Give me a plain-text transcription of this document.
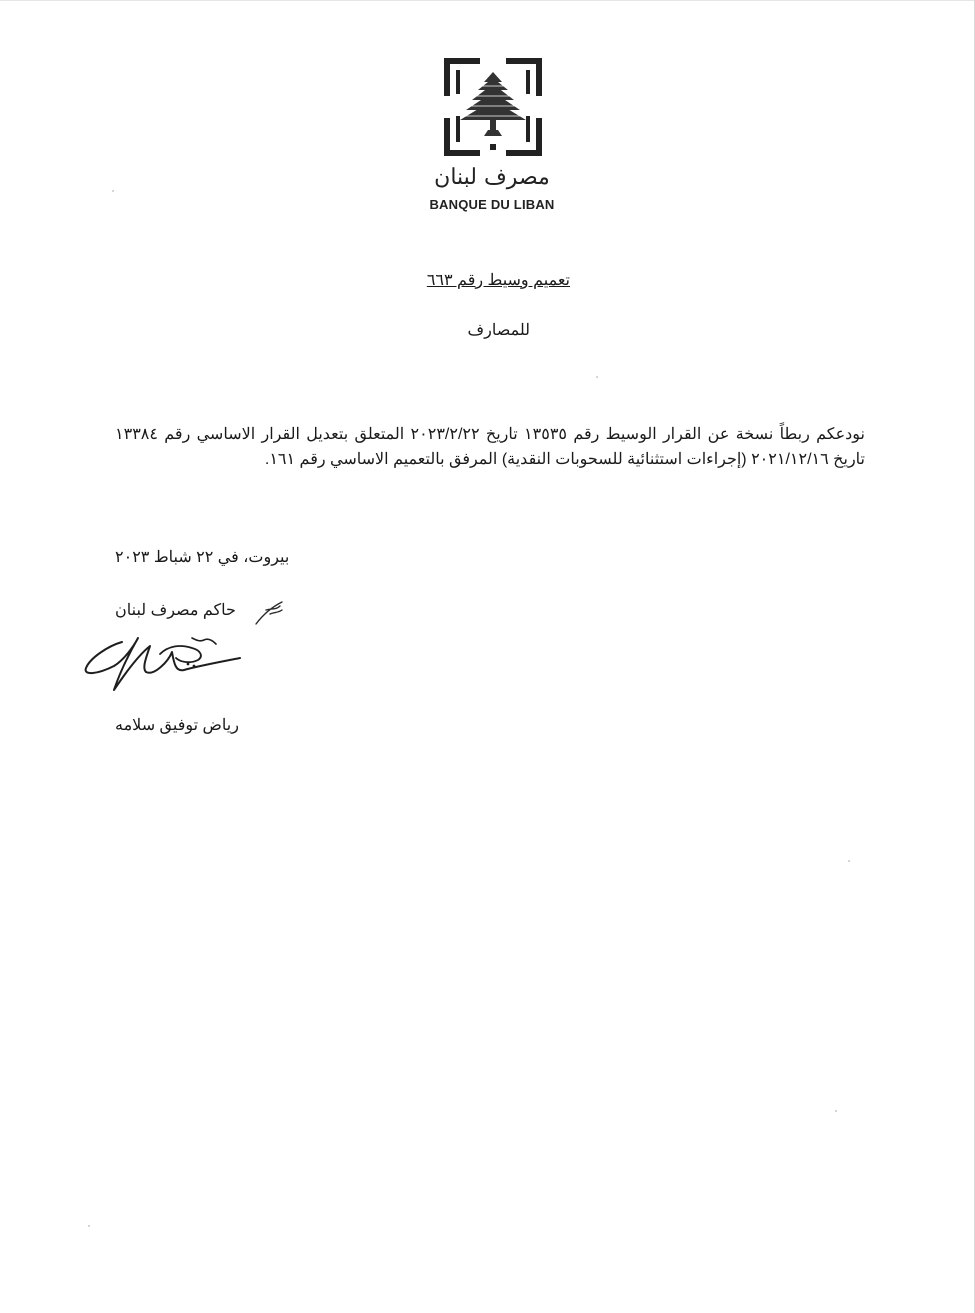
مصرف لبنان
BANQUE DU LIBAN
تعميم وسيط رقم ٦٦٣
للمصارف
نودعكم ربطاً نسخة عن القرار الوسيط رقم ١٣٥٣٥ تاريخ ٢٠٢٣/٢/٢٢ المتعلق بتعديل القرار الاساسي رقم ١٣٣٨٤ تاريخ ٢٠٢١/١٢/١٦ (إجراءات استثنائية للسحوبات النقدية) المرفق بالتعميم الاساسي رقم ١٦١.
بيروت، في ٢٢ شباط ٢٠٢٣
حاكم مصرف لبنان
رياض توفيق سلامه
